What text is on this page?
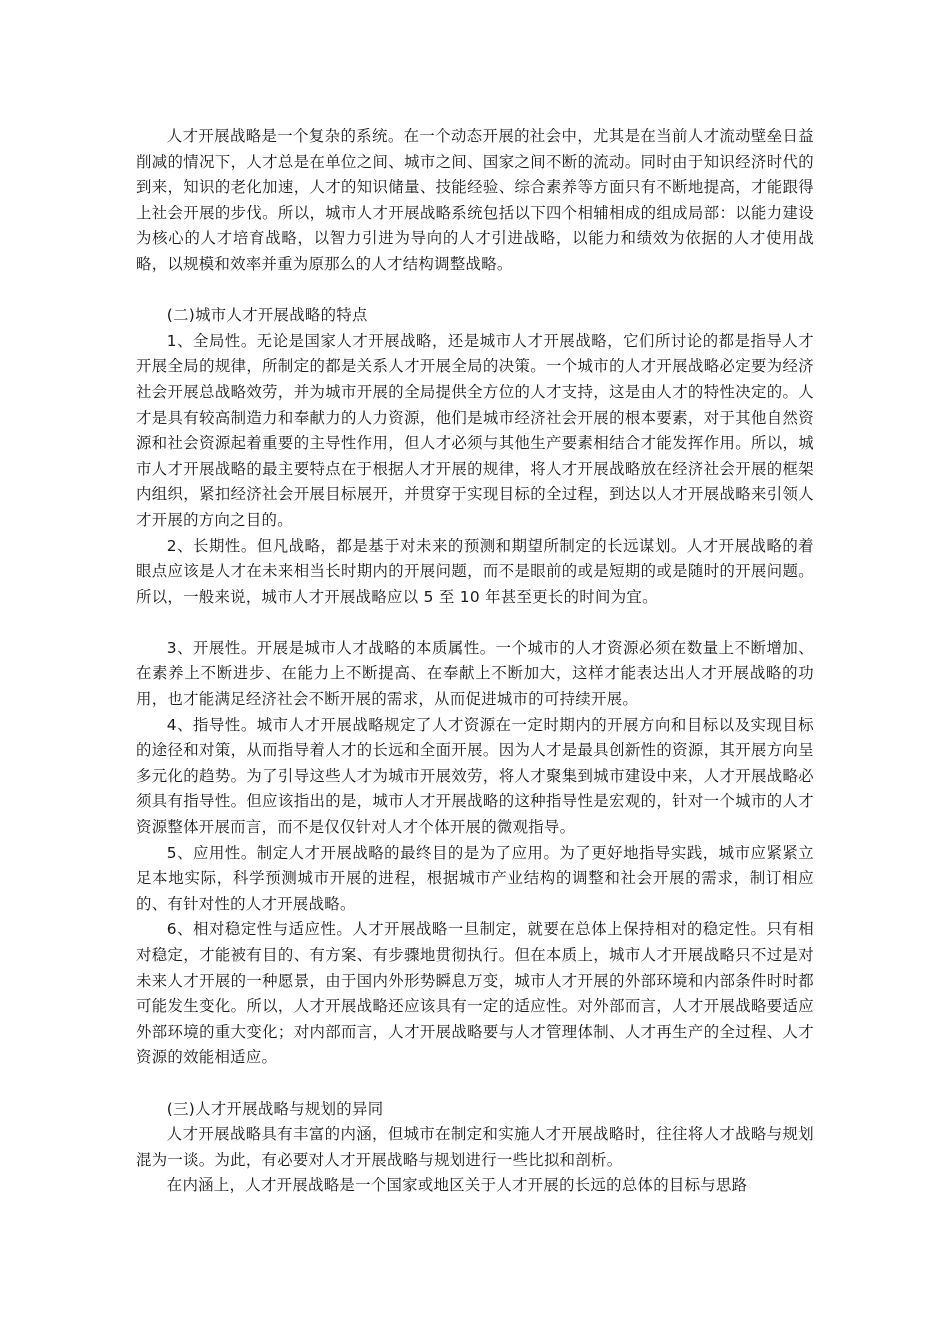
人才开展战略是一个复杂的系统。在一个动态开展的社会中，尤其是在当前人才流动壁垒日益削减的情况下，人才总是在单位之间、城市之间、国家之间不断的流动。同时由于知识经济时代的到来，知识的老化加速，人才的知识储量、技能经验、综合素养等方面只有不断地提高，才能跟得上社会开展的步伐。所以，城市人才开展战略系统包括以下四个相辅相成的组成局部：以能力建设为核心的人才培育战略，以智力引进为导向的人才引进战略，以能力和绩效为依据的人才使用战略，以规模和效率并重为原那么的人才结构调整战略。

(二)城市人才开展战略的特点

1、全局性。无论是国家人才开展战略，还是城市人才开展战略，它们所讨论的都是指导人才开展全局的规律，所制定的都是关系人才开展全局的决策。一个城市的人才开展战略必定要为经济社会开展总战略效劳，并为城市开展的全局提供全方位的人才支持，这是由人才的特性决定的。人才是具有较高制造力和奉献力的人力资源，他们是城市经济社会开展的根本要素，对于其他自然资源和社会资源起着重要的主导性作用，但人才必须与其他生产要素相结合才能发挥作用。所以，城市人才开展战略的最主要特点在于根据人才开展的规律，将人才开展战略放在经济社会开展的框架内组织，紧扣经济社会开展目标展开，并贯穿于实现目标的全过程，到达以人才开展战略来引领人才开展的方向之目的。

2、长期性。但凡战略，都是基于对未来的预测和期望所制定的长远谋划。人才开展战略的着眼点应该是人才在未来相当长时期内的开展问题，而不是眼前的或是短期的或是随时的开展问题。所以，一般来说，城市人才开展战略应以 5 至 10 年甚至更长的时间为宜。

3、开展性。开展是城市人才战略的本质属性。一个城市的人才资源必须在数量上不断增加、在素养上不断进步、在能力上不断提高、在奉献上不断加大，这样才能表达出人才开展战略的功用，也才能满足经济社会不断开展的需求，从而促进城市的可持续开展。

4、指导性。城市人才开展战略规定了人才资源在一定时期内的开展方向和目标以及实现目标的途径和对策，从而指导着人才的长远和全面开展。因为人才是最具创新性的资源，其开展方向呈多元化的趋势。为了引导这些人才为城市开展效劳，将人才聚集到城市建设中来，人才开展战略必须具有指导性。但应该指出的是，城市人才开展战略的这种指导性是宏观的，针对一个城市的人才资源整体开展而言，而不是仅仅针对人才个体开展的微观指导。

5、应用性。制定人才开展战略的最终目的是为了应用。为了更好地指导实践，城市应紧紧立足本地实际，科学预测城市开展的进程，根据城市产业结构的调整和社会开展的需求，制订相应的、有针对性的人才开展战略。

6、相对稳定性与适应性。人才开展战略一旦制定，就要在总体上保持相对的稳定性。只有相对稳定，才能被有目的、有方案、有步骤地贯彻执行。但在本质上，城市人才开展战略只不过是对未来人才开展的一种愿景，由于国内外形势瞬息万变，城市人才开展的外部环境和内部条件时时都可能发生变化。所以，人才开展战略还应该具有一定的适应性。对外部而言，人才开展战略要适应外部环境的重大变化；对内部而言，人才开展战略要与人才管理体制、人才再生产的全过程、人才资源的效能相适应。

(三)人才开展战略与规划的异同

人才开展战略具有丰富的内涵，但城市在制定和实施人才开展战略时，往往将人才战略与规划混为一谈。为此，有必要对人才开展战略与规划进行一些比拟和剖析。

在内涵上，人才开展战略是一个国家或地区关于人才开展的长远的总体的目标与思路
